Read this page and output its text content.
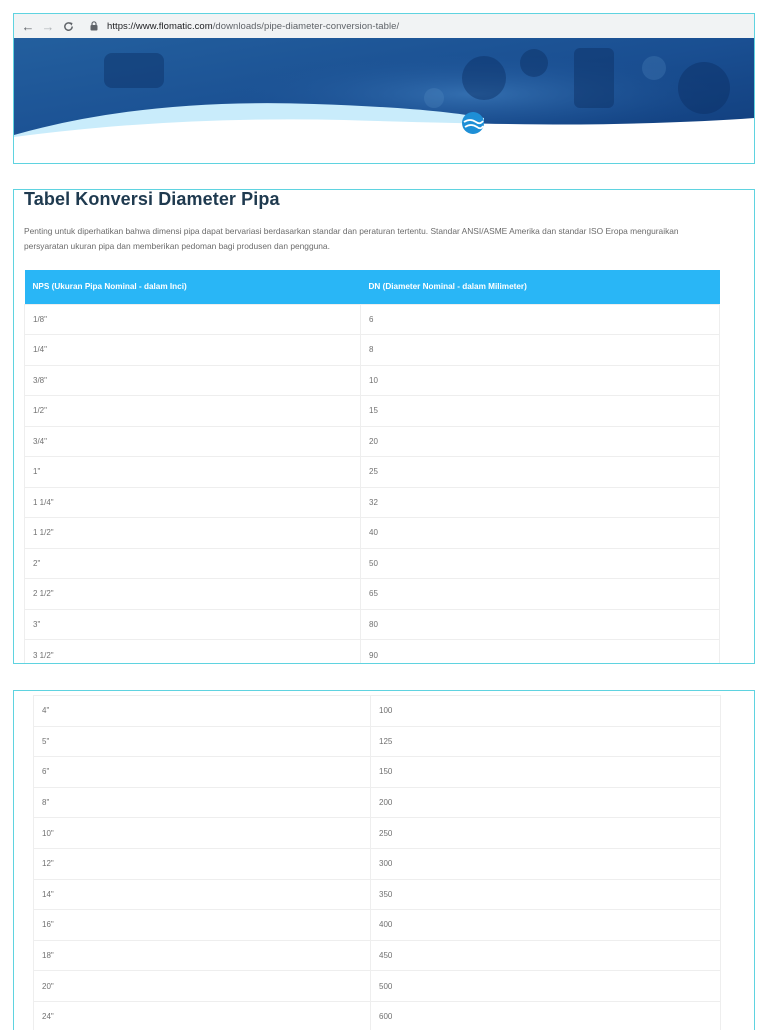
← →	https://www.flomatic.com/downloads/pipe-diameter-conversion-table/
Tabel Konversi Diameter Pipa

Penting untuk diperhatikan bahwa dimensi pipa dapat bervariasi berdasarkan standar dan peraturan tertentu. Standar ANSI/ASME Amerika dan standar ISO Eropa menguraikan persyaratan ukuran pipa dan memberikan pedoman bagi produsen dan pengguna.

NPS (Ukuran Pipa Nominal - dalam Inci)	DN (Diameter Nominal - dalam Milimeter)
1/8"	6
1/4"	8
3/8"	10
1/2"	15
3/4"	20
1"	25
1 1/4"	32
1 1/2"	40
2"	50
2 1/2"	65
3"	80
3 1/2"	90
4"	100
5"	125
6"	150
8"	200
10"	250
12"	300
14"	350
16"	400
18"	450
20"	500
24"	600
